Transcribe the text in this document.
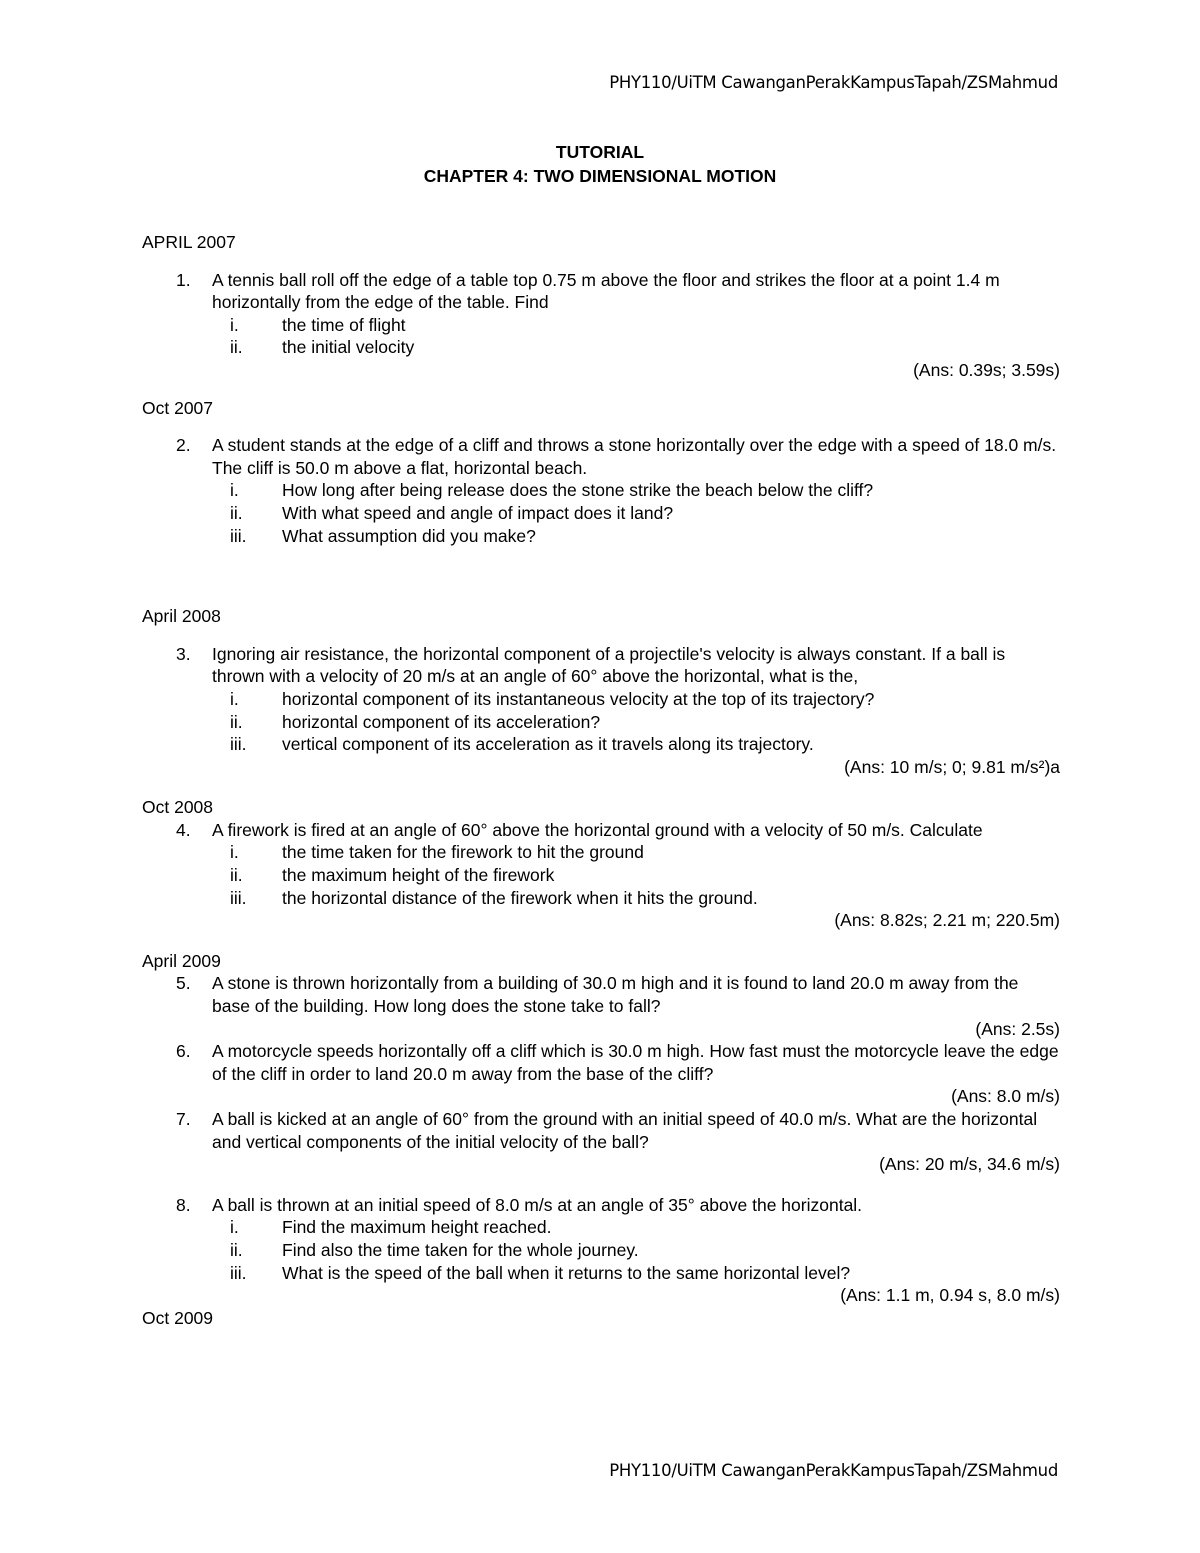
PHY110/UiTM CawanganPerakKampusTapah/ZSMahmud
TUTORIAL
CHAPTER 4: TWO DIMENSIONAL MOTION
APRIL 2007
1. A tennis ball roll off the edge of a table top 0.75 m above the floor and strikes the floor at a point 1.4 m horizontally from the edge of the table. Find
i. the time of flight
ii. the initial velocity
(Ans: 0.39s; 3.59s)
Oct 2007
2. A student stands at the edge of a cliff and throws a stone horizontally over the edge with a speed of 18.0 m/s. The cliff is 50.0 m above a flat, horizontal beach.
i. How long after being release does the stone strike the beach below the cliff?
ii. With what speed and angle of impact does it land?
iii. What assumption did you make?
April 2008
3. Ignoring air resistance, the horizontal component of a projectile's velocity is always constant. If a ball is thrown with a velocity of 20 m/s at an angle of 60° above the horizontal, what is the,
i. horizontal component of its instantaneous velocity at the top of its trajectory?
ii. horizontal component of its acceleration?
iii. vertical component of its acceleration as it travels along its trajectory.
(Ans: 10 m/s; 0; 9.81 m/s²)a
Oct 2008
4. A firework is fired at an angle of 60° above the horizontal ground with a velocity of 50 m/s. Calculate
i. the time taken for the firework to hit the ground
ii. the maximum height of the firework
iii. the horizontal distance of the firework when it hits the ground.
(Ans: 8.82s; 2.21 m; 220.5m)
April 2009
5. A stone is thrown horizontally from a building of 30.0 m high and it is found to land 20.0 m away from the base of the building. How long does the stone take to fall?
(Ans: 2.5s)
6. A motorcycle speeds horizontally off a cliff which is 30.0 m high. How fast must the motorcycle leave the edge of the cliff in order to land 20.0 m away from the base of the cliff?
(Ans: 8.0 m/s)
7. A ball is kicked at an angle of 60° from the ground with an initial speed of 40.0 m/s. What are the horizontal and vertical components of the initial velocity of the ball?
(Ans: 20 m/s, 34.6 m/s)
8. A ball is thrown at an initial speed of 8.0 m/s at an angle of 35° above the horizontal.
i. Find the maximum height reached.
ii. Find also the time taken for the whole journey.
iii. What is the speed of the ball when it returns to the same horizontal level?
(Ans: 1.1 m, 0.94 s, 8.0 m/s)
Oct 2009
PHY110/UiTM CawanganPerakKampusTapah/ZSMahmud
